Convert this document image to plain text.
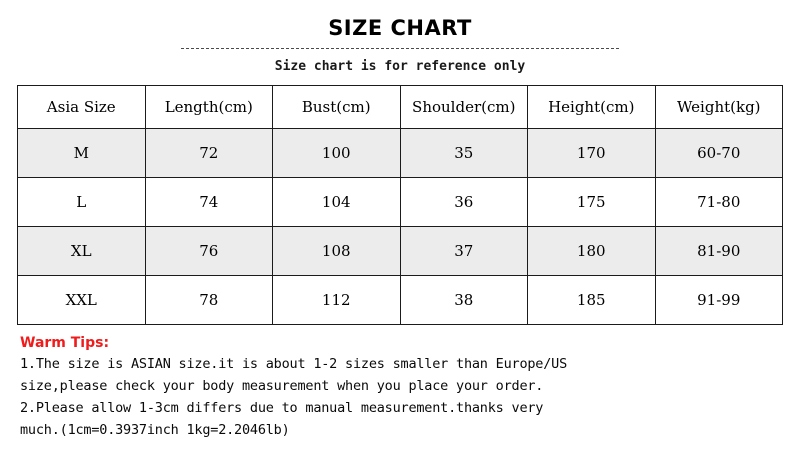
SIZE CHART
Size chart is for reference only
Asia Size	Length(cm)	Bust(cm)	Shoulder(cm)	Height(cm)	Weight(kg)
M	72	100	35	170	60-70
L	74	104	36	175	71-80
XL	76	108	37	180	81-90
XXL	78	112	38	185	91-99
Warm Tips:
1.The size is ASIAN size.it is about 1-2 sizes smaller than Europe/US
size,please check your body measurement when you place your order.
2.Please allow 1-3cm differs due to manual measurement.thanks very
much.(1cm=0.3937inch 1kg=2.2046lb)
